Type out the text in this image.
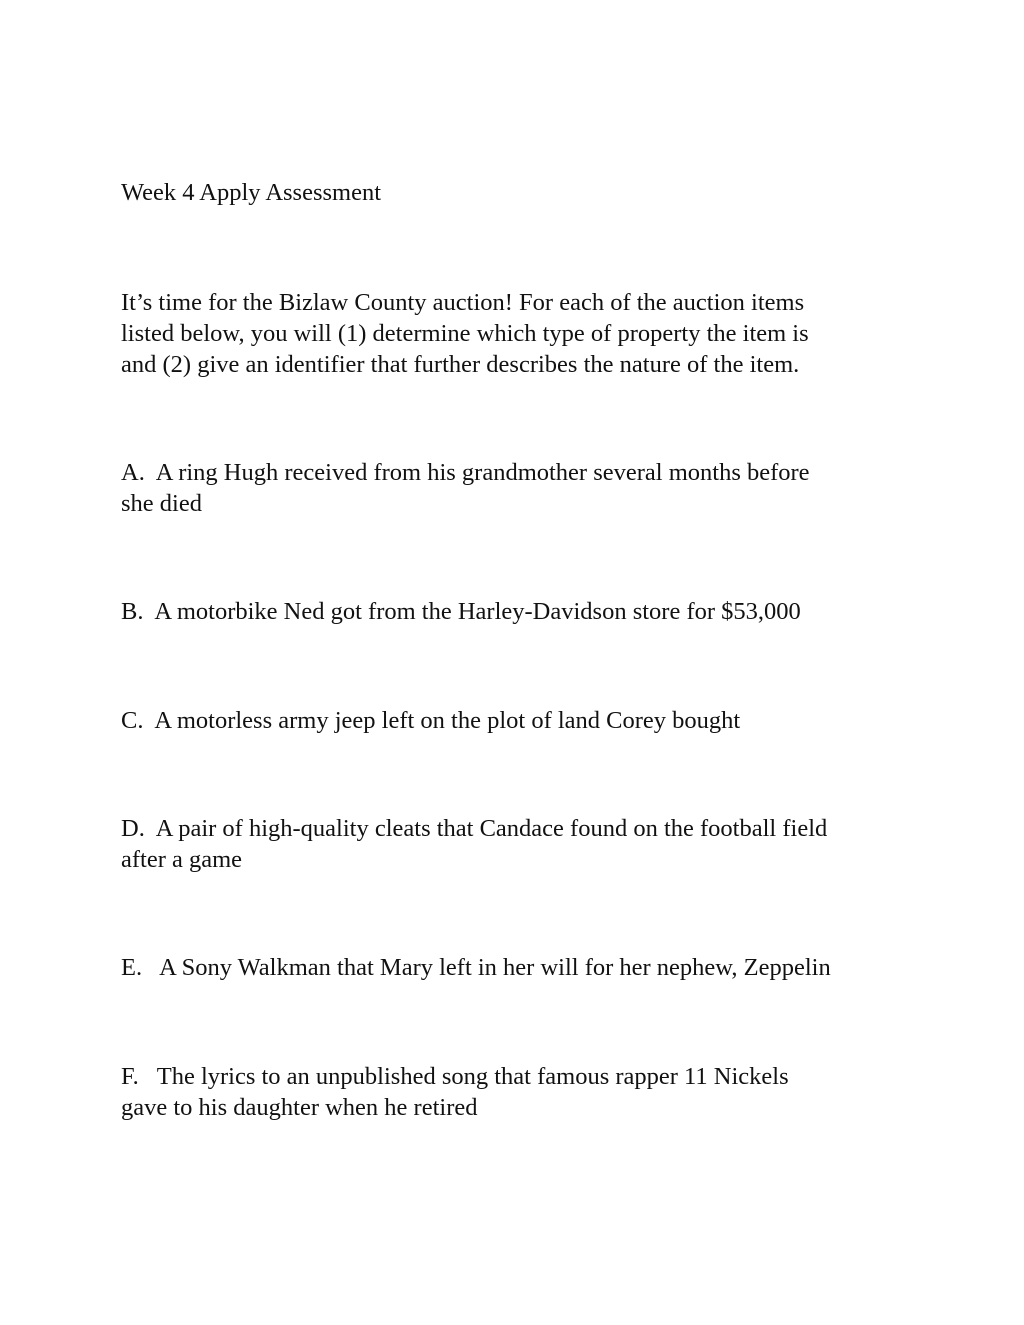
Week 4 Apply Assessment

It’s time for the Bizlaw County auction! For each of the auction items
listed below, you will (1) determine which type of property the item is
and (2) give an identifier that further describes the nature of the item.

A. A ring Hugh received from his grandmother several months before
she died

B. A motorbike Ned got from the Harley-Davidson store for $53,000

C. A motorless army jeep left on the plot of land Corey bought

D. A pair of high-quality cleats that Candace found on the football field
after a game

E. A Sony Walkman that Mary left in her will for her nephew, Zeppelin

F. The lyrics to an unpublished song that famous rapper 11 Nickels
gave to his daughter when he retired
